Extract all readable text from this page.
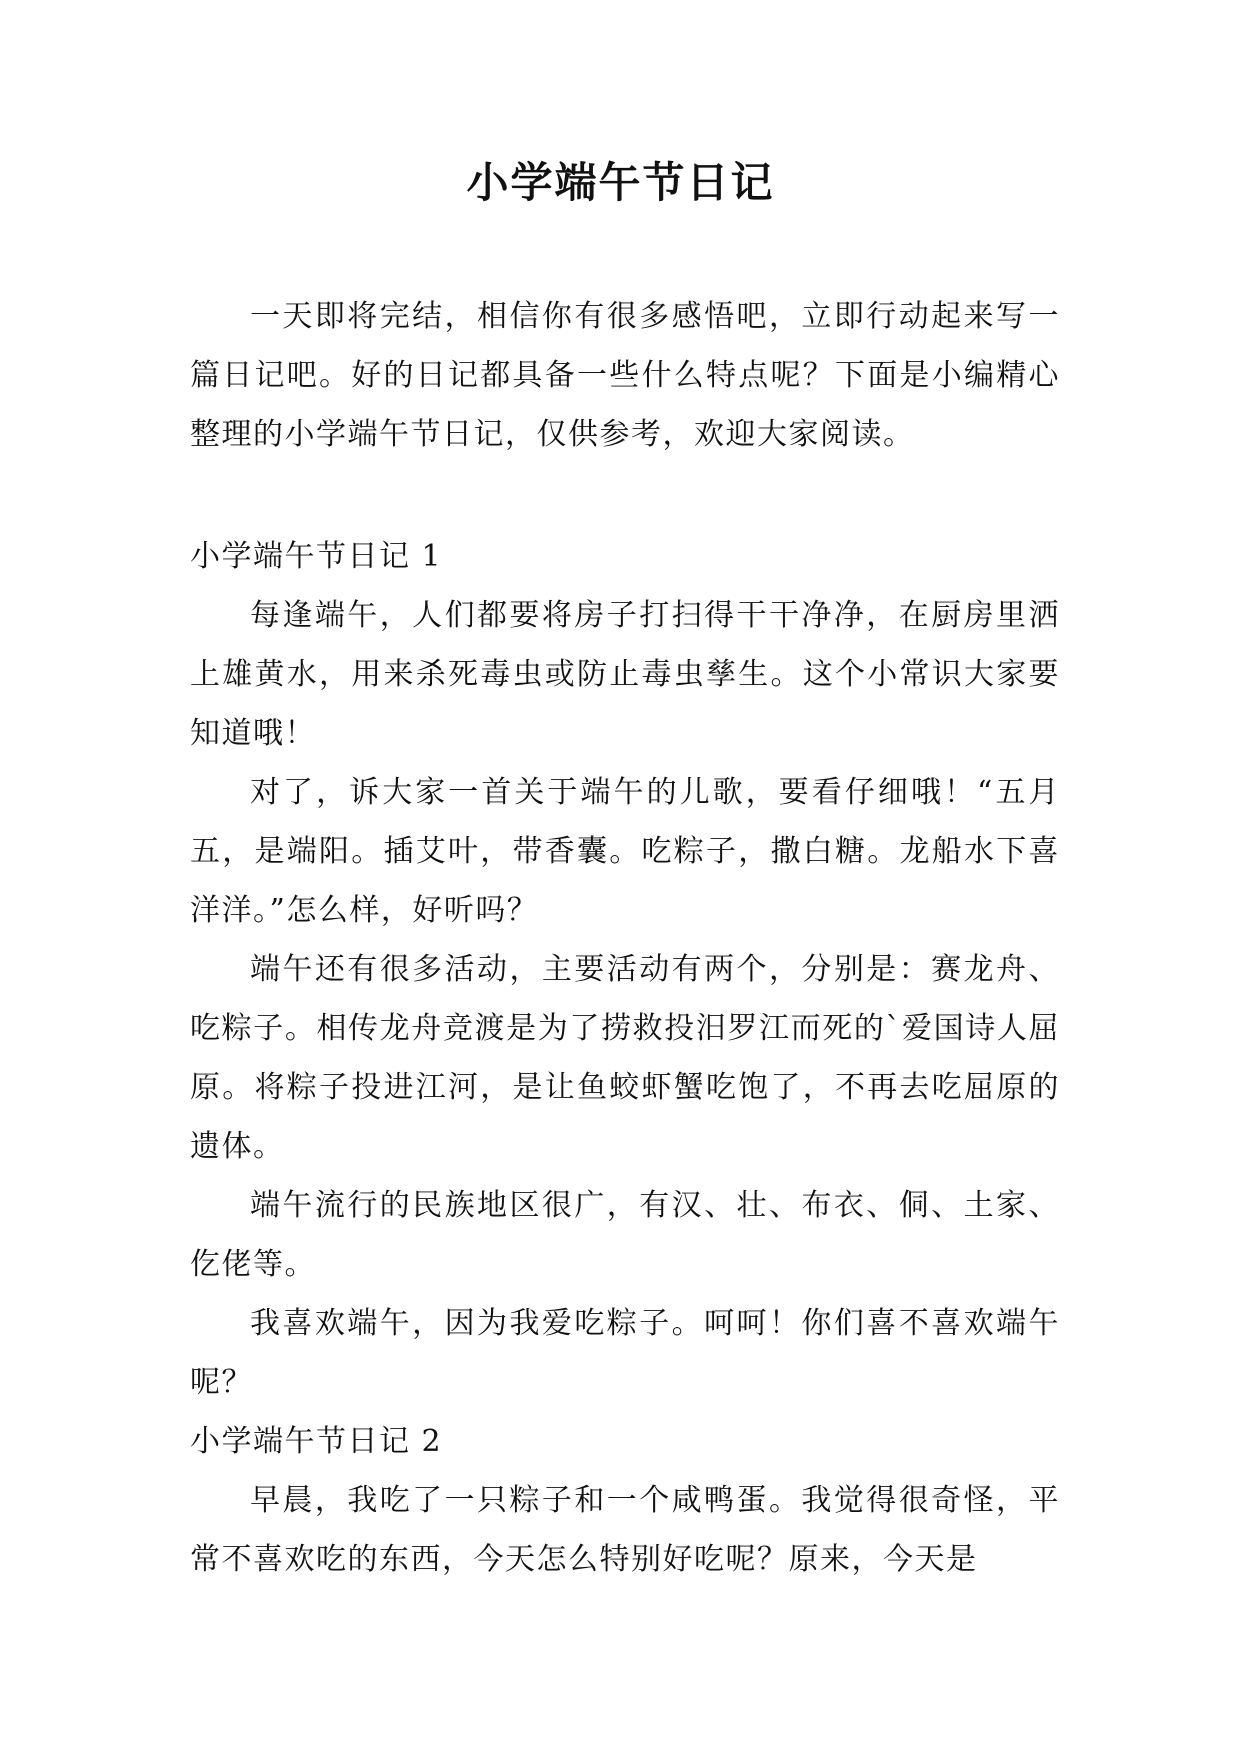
小学端午节日记

一天即将完结，相信你有很多感悟吧，立即行动起来写一篇日记吧。好的日记都具备一些什么特点呢？下面是小编精心整理的小学端午节日记，仅供参考，欢迎大家阅读。

小学端午节日记 1

每逢端午，人们都要将房子打扫得干干净净，在厨房里洒上雄黄水，用来杀死毒虫或防止毒虫孳生。这个小常识大家要知道哦！

对了，诉大家一首关于端午的儿歌，要看仔细哦！“五月五，是端阳。插艾叶，带香囊。吃粽子，撒白糖。龙船水下喜洋洋。”怎么样，好听吗？

端午还有很多活动，主要活动有两个，分别是：赛龙舟、吃粽子。相传龙舟竞渡是为了捞救投汨罗江而死的`爱国诗人屈原。将粽子投进江河，是让鱼蛟虾蟹吃饱了，不再去吃屈原的遗体。

端午流行的民族地区很广，有汉、壮、布衣、侗、土家、仡佬等。

我喜欢端午，因为我爱吃粽子。呵呵！你们喜不喜欢端午呢？

小学端午节日记 2

早晨，我吃了一只粽子和一个咸鸭蛋。我觉得很奇怪，平常不喜欢吃的东西，今天怎么特别好吃呢？原来，今天是
